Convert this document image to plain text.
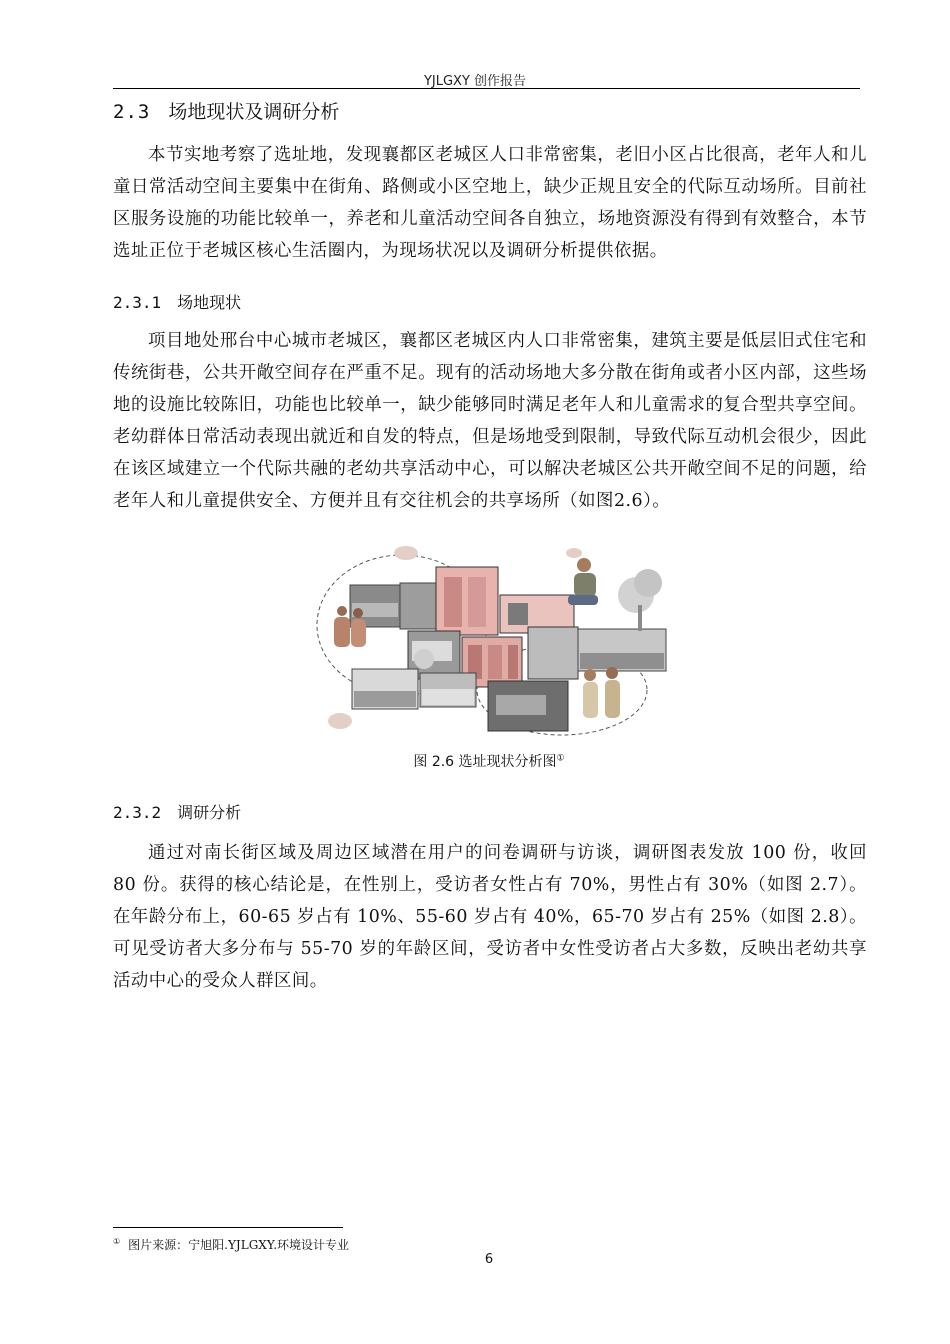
YJLGXY 创作报告
2.3 场地现状及调研分析

本节实地考察了选址地，发现襄都区老城区人口非常密集，老旧小区占比很高，老年人和儿童日常活动空间主要集中在街角、路侧或小区空地上，缺少正规且安全的代际互动场所。目前社区服务设施的功能比较单一，养老和儿童活动空间各自独立，场地资源没有得到有效整合，本节选址正位于老城区核心生活圈内，为现场状况以及调研分析提供依据。

2.3.1 场地现状

项目地处邢台中心城市老城区，襄都区老城区内人口非常密集，建筑主要是低层旧式住宅和传统街巷，公共开敞空间存在严重不足。现有的活动场地大多分散在街角或者小区内部，这些场地的设施比较陈旧，功能也比较单一，缺少能够同时满足老年人和儿童需求的复合型共享空间。老幼群体日常活动表现出就近和自发的特点，但是场地受到限制，导致代际互动机会很少，因此在该区域建立一个代际共融的老幼共享活动中心，可以解决老城区公共开敞空间不足的问题，给老年人和儿童提供安全、方便并且有交往机会的共享场所（如图2.6）。

图 2.6 选址现状分析图①
2.3.2 调研分析

通过对南长街区域及周边区域潜在用户的问卷调研与访谈，调研图表发放 100 份，收回 80 份。获得的核心结论是，在性别上，受访者女性占有 70%，男性占有 30%（如图 2.7）。在年龄分布上，60-65 岁占有 10%、55-60 岁占有 40%，65-70 岁占有 25%（如图 2.8）。可见受访者大多分布与 55-70 岁的年龄区间，受访者中女性受访者占大多数，反映出老幼共享活动中心的受众人群区间。

① 图片来源：宁旭阳.YJLGXY.环境设计专业
6
